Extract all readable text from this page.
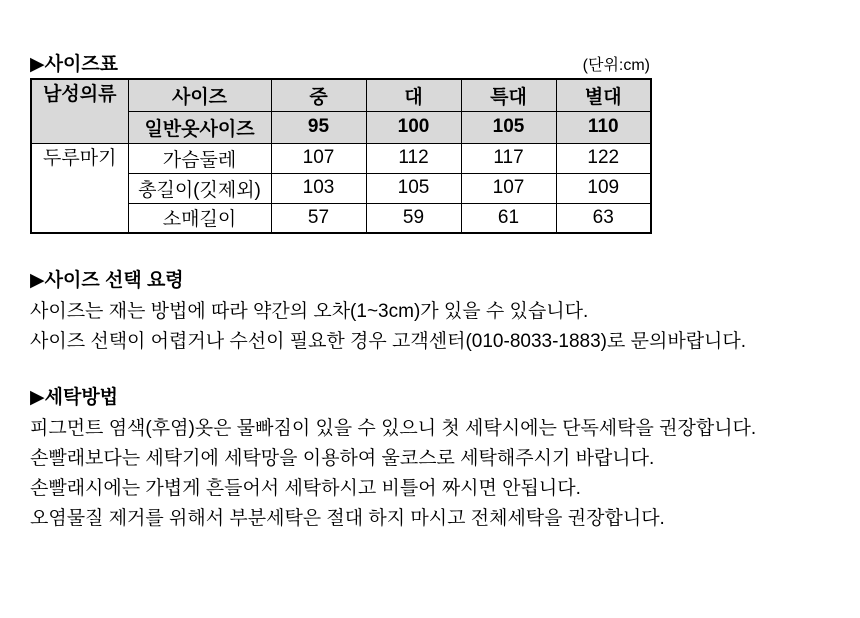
▶사이즈표	(단위:cm)
남성의류	사이즈	중	대	특대	별대
	일반옷사이즈	95	100	105	110
두루마기	가슴둘레	107	112	117	122
	총길이(깃제외)	103	105	107	109
	소매길이	57	59	61	63
▶사이즈 선택 요령

사이즈는 재는 방법에 따라 약간의 오차(1~3cm)가 있을 수 있습니다.

사이즈 선택이 어렵거나 수선이 필요한 경우 고객센터(010-8033-1883)로 문의바랍니다.

▶세탁방법

피그먼트 염색(후염)옷은 물빠짐이 있을 수 있으니 첫 세탁시에는 단독세탁을 권장합니다.

손빨래보다는 세탁기에 세탁망을 이용하여 울코스로 세탁해주시기 바랍니다.

손빨래시에는 가볍게 흔들어서 세탁하시고 비틀어 짜시면 안됩니다.

오염물질 제거를 위해서 부분세탁은 절대 하지 마시고 전체세탁을 권장합니다.
